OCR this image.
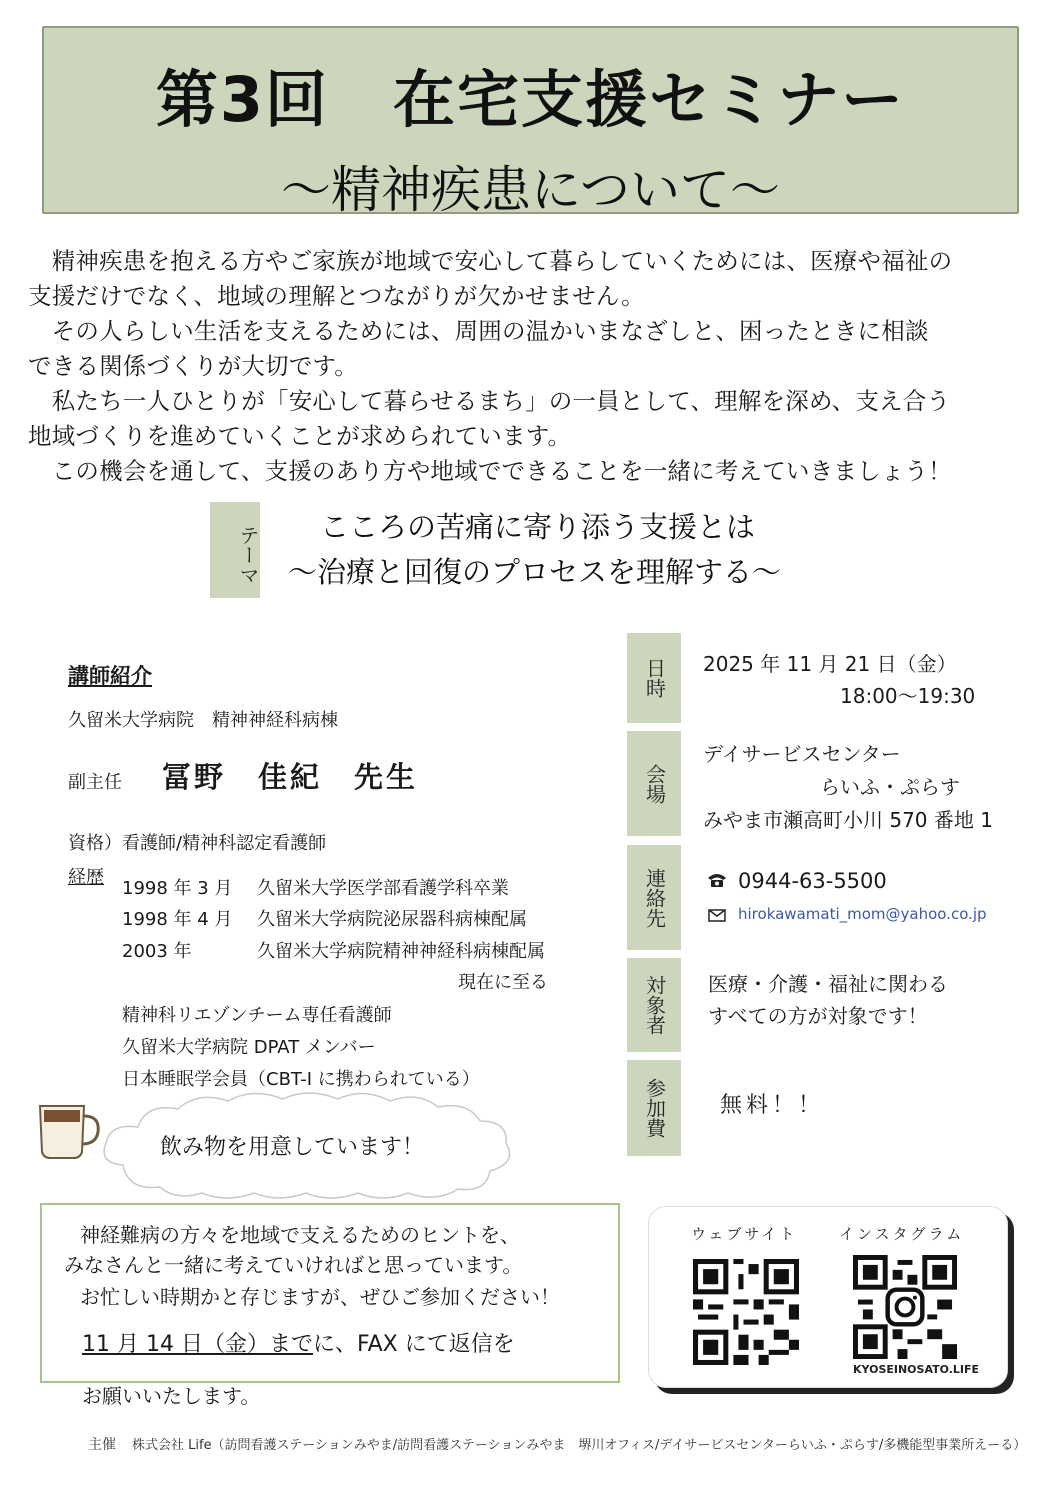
第3回　在宅支援セミナー
～精神疾患について～

　精神疾患を抱える方やご家族が地域で安心して暮らしていくためには、医療や福祉の

支援だけでなく、地域の理解とつながりが欠かせません。

　その人らしい生活を支えるためには、周囲の温かいまなざしと、困ったときに相談

できる関係づくりが大切です。

　私たち一人ひとりが「安心して暮らせるまち」の一員として、理解を深め、支え合う

地域づくりを進めていくことが求められています。

　この機会を通して、支援のあり方や地域でできることを一緒に考えていきましょう！

テーマ こころの苦痛に寄り添う支援とは
～治療と回復のプロセスを理解する～
講師紹介
久留米大学病院　精神神経科病棟
副主任 冨野　佳紀　先生
資格）看護師/精神科認定看護師
経歴
1998 年 3 月 久留米大学医学部看護学科卒業
1998 年 4 月 久留米大学病院泌尿器科病棟配属
2003 年	久留米大学病院精神神経科病棟配属
現在に至る
精神科リエゾンチーム専任看護師
久留米大学病院 DPAT メンバー
日本睡眠学会員（CBT-I に携わられている）
日時	2025 年 11 月 21 日（金）
18:00～19:30
会場
デイサービスセンター
らいふ・ぷらす
みやま市瀬高町小川 570 番地 1
連絡先	0944-63-5500
hirokawamati_mom@yahoo.co.jp
対象者	医療・介護・福祉に関わる
すべての方が対象です！
参加費	無料！！
飲み物を用意しています！
神経難病の方々を地域で支えるためのヒントを、
みなさんと一緒に考えていければと思っています。
お忙しい時期かと存じますが、ぜひご参加ください！
11 月 14 日（金）までに、FAX にて返信を
お願いいたします。
ウェブサイト	インスタグラム
KYOSEINOSATO.LIFE
主催 株式会社 Life（訪問看護ステーションみやま/訪問看護ステーションみやま　堺川オフィス/デイサービスセンターらいふ・ぷらす/多機能型事業所えーる）
